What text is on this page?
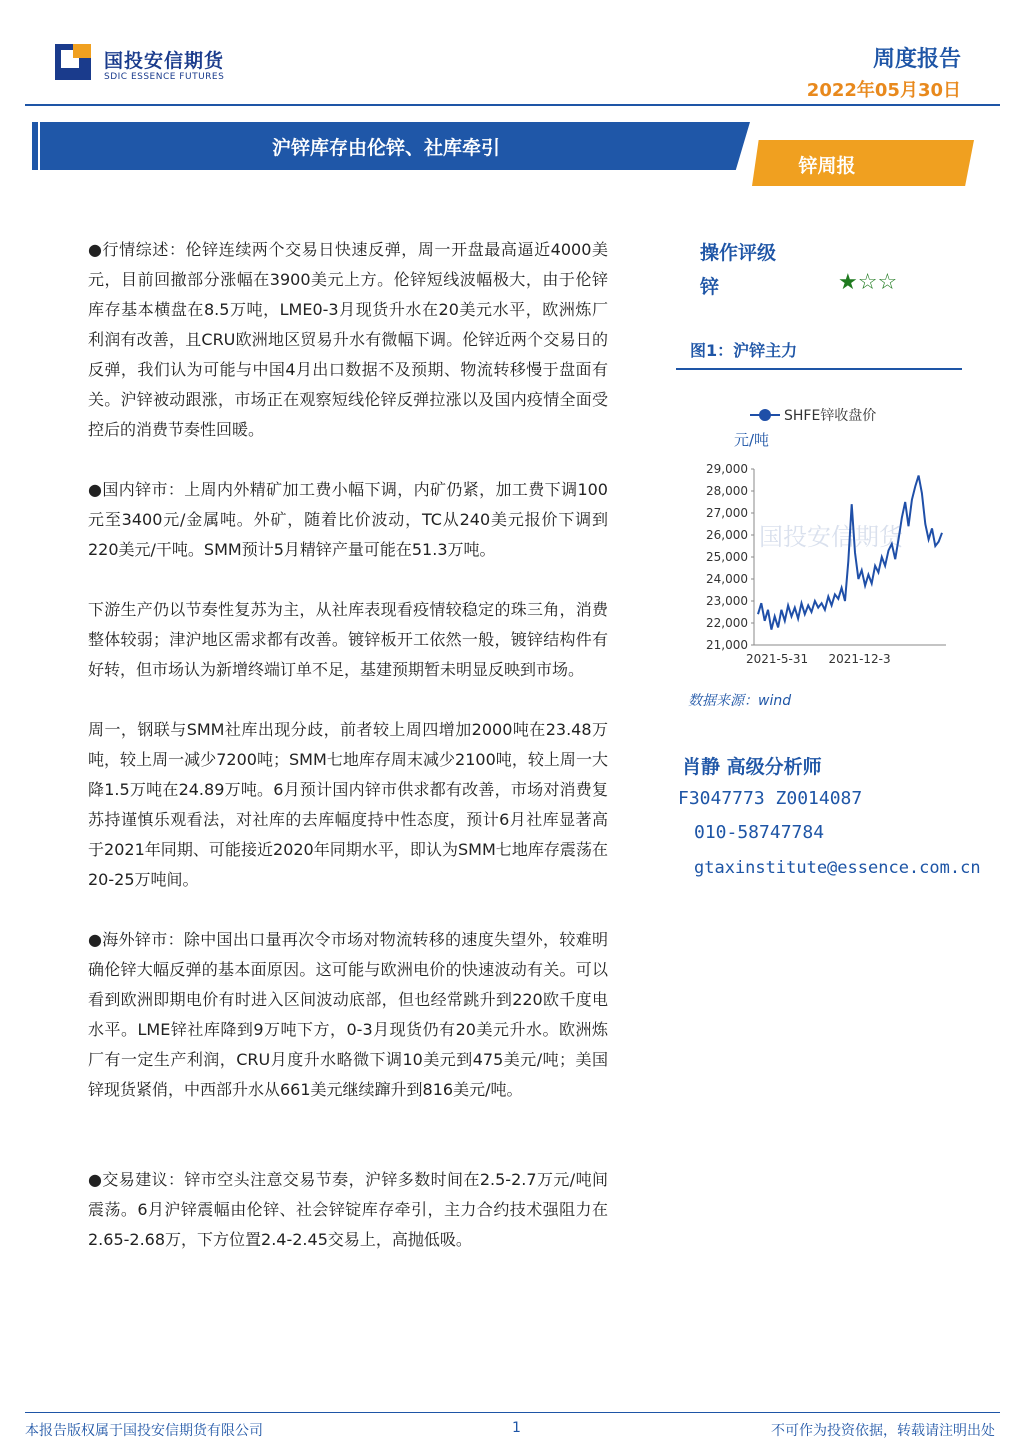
国投安信期货
SDIC ESSENCE FUTURES
周度报告
2022年05月30日
沪锌库存由伦锌、社库牵引
锌周报

●行情综述：伦锌连续两个交易日快速反弹，周一开盘最高逼近4000美元，目前回撤部分涨幅在3900美元上方。伦锌短线波幅极大，由于伦锌库存基本横盘在8.5万吨，LME0-3月现货升水在20美元水平，欧洲炼厂利润有改善，且CRU欧洲地区贸易升水有微幅下调。伦锌近两个交易日的反弹，我们认为可能与中国4月出口数据不及预期、物流转移慢于盘面有关。沪锌被动跟涨，市场正在观察短线伦锌反弹拉涨以及国内疫情全面受控后的消费节奏性回暖。

●国内锌市：上周内外精矿加工费小幅下调，内矿仍紧，加工费下调100元至3400元/金属吨。外矿，随着比价波动，TC从240美元报价下调到220美元/干吨。SMM预计5月精锌产量可能在51.3万吨。

下游生产仍以节奏性复苏为主，从社库表现看疫情较稳定的珠三角，消费整体较弱；津沪地区需求都有改善。镀锌板开工依然一般，镀锌结构件有好转，但市场认为新增终端订单不足，基建预期暂未明显反映到市场。

周一，钢联与SMM社库出现分歧，前者较上周四增加2000吨在23.48万吨，较上周一减少7200吨；SMM七地库存周末减少2100吨，较上周一大降1.5万吨在24.89万吨。6月预计国内锌市供求都有改善，市场对消费复苏持谨慎乐观看法，对社库的去库幅度持中性态度，预计6月社库显著高于2021年同期、可能接近2020年同期水平，即认为SMM七地库存震荡在20-25万吨间。

●海外锌市：除中国出口量再次令市场对物流转移的速度失望外，较难明确伦锌大幅反弹的基本面原因。这可能与欧洲电价的快速波动有关。可以看到欧洲即期电价有时进入区间波动底部，但也经常跳升到220欧千度电水平。LME锌社库降到9万吨下方，0-3月现货仍有20美元升水。欧洲炼厂有一定生产利润，CRU月度升水略微下调10美元到475美元/吨；美国锌现货紧俏，中西部升水从661美元继续蹿升到816美元/吨。

●交易建议：锌市空头注意交易节奏，沪锌多数时间在2.5-2.7万元/吨间震荡。6月沪锌震幅由伦锌、社会锌锭库存牵引，主力合约技术强阻力在2.65-2.68万，下方位置2.4-2.45交易上，高抛低吸。

操作评级
锌	★☆☆
图1：沪锌主力
国投安信期货
SHFE锌收盘价
元/吨
29,000
28,000
27,000
26,000
25,000
24,000
23,000
22,000
21,000
2021-5-31 2021-12-3
数据来源：wind
肖静 高级分析师
F3047773 Z0014087
010-58747784
gtaxinstitute@essence.com.cn
本报告版权属于国投安信期货有限公司	1	不可作为投资依据，转载请注明出处
